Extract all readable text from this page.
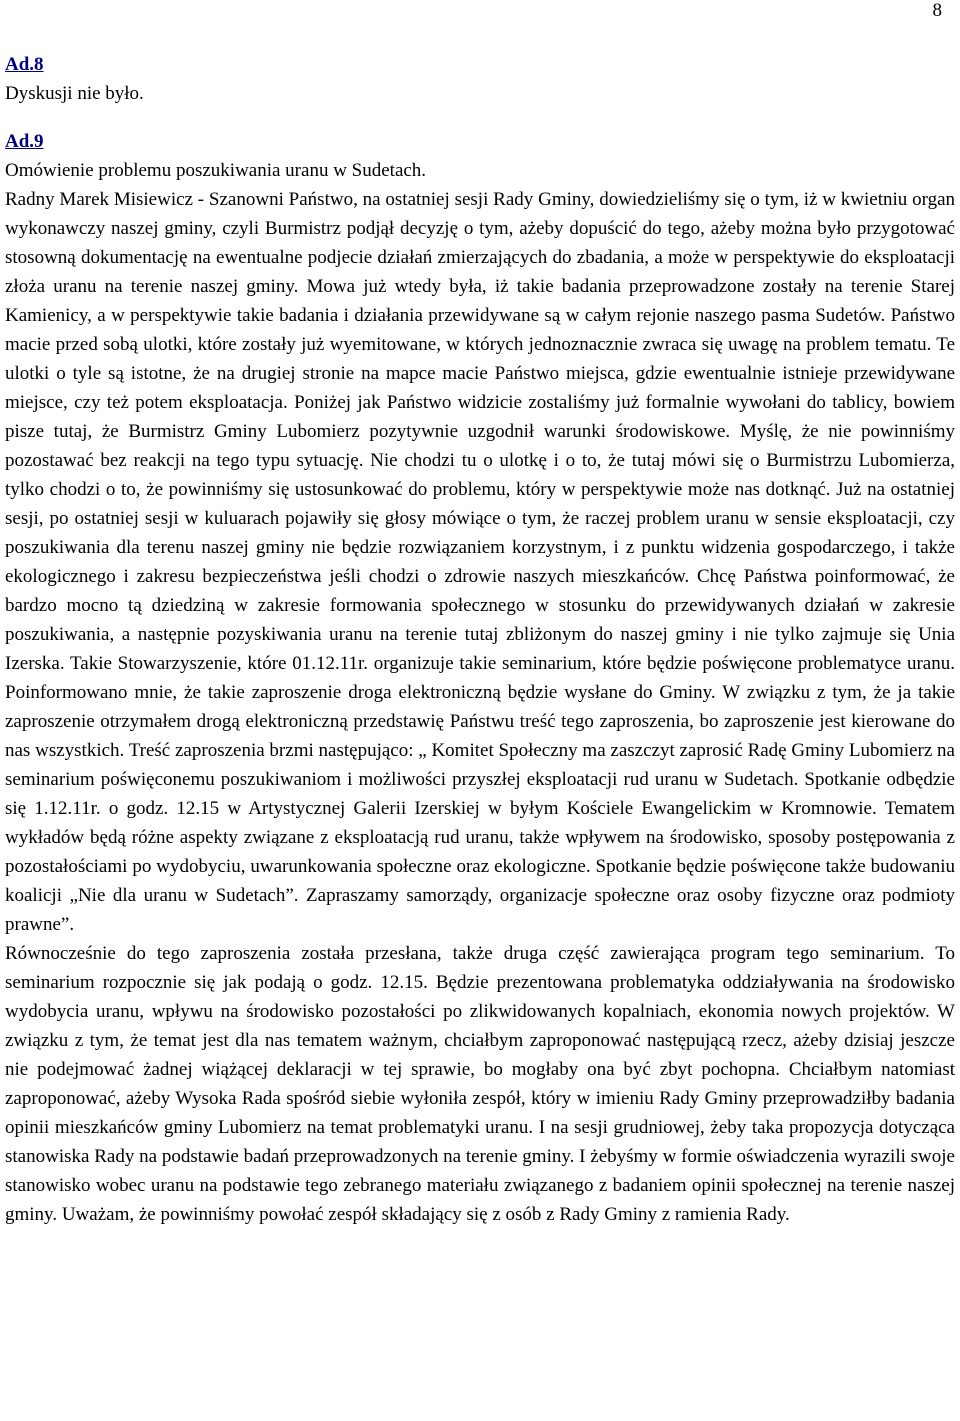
8
Ad.8
Dyskusji nie było.
Ad.9
Omówienie problemu poszukiwania uranu w Sudetach.
Radny Marek Misiewicz - Szanowni Państwo, na ostatniej sesji Rady Gminy, dowiedzieliśmy się o tym, iż w kwietniu organ wykonawczy naszej gminy, czyli Burmistrz podjął decyzję o tym, ażeby dopuścić do tego, ażeby można było przygotować stosowną dokumentację na ewentualne podjecie działań zmierzających do zbadania, a może w perspektywie do eksploatacji złoża uranu na terenie naszej gminy. Mowa już wtedy była, iż takie badania przeprowadzone zostały na terenie Starej Kamienicy, a w perspektywie takie badania i działania przewidywane są w całym rejonie naszego pasma Sudetów. Państwo macie przed sobą ulotki, które zostały już wyemitowane, w których jednoznacznie zwraca się uwagę na problem tematu. Te ulotki o tyle są istotne, że na drugiej stronie na mapce macie Państwo miejsca, gdzie ewentualnie istnieje przewidywane miejsce, czy też potem eksploatacja. Poniżej jak Państwo widzicie zostaliśmy już formalnie wywołani do tablicy, bowiem pisze tutaj, że Burmistrz Gminy Lubomierz pozytywnie uzgodnił warunki środowiskowe. Myślę, że nie powinniśmy pozostawać bez reakcji na tego typu sytuację. Nie chodzi tu o ulotkę i o to, że tutaj mówi się o Burmistrzu Lubomierza, tylko chodzi o to, że powinniśmy się ustosunkować do problemu, który w perspektywie może nas dotknąć. Już na ostatniej sesji, po ostatniej sesji w kuluarach pojawiły się głosy mówiące o tym, że raczej problem uranu w sensie eksploatacji, czy poszukiwania dla terenu naszej gminy nie będzie rozwiązaniem korzystnym, i z punktu widzenia gospodarczego, i także ekologicznego i zakresu bezpieczeństwa jeśli chodzi o zdrowie naszych mieszkańców. Chcę Państwa poinformować, że bardzo mocno tą dziedziną w zakresie formowania społecznego w stosunku do przewidywanych działań w zakresie poszukiwania, a następnie pozyskiwania uranu na terenie tutaj zbliżonym do naszej gminy i nie tylko zajmuje się Unia Izerska. Takie Stowarzyszenie, które 01.12.11r. organizuje takie seminarium, które będzie poświęcone problematyce uranu. Poinformowano mnie, że takie zaproszenie droga elektroniczną będzie wysłane do Gminy. W związku z tym, że ja takie zaproszenie otrzymałem drogą elektroniczną przedstawię Państwu treść tego zaproszenia, bo zaproszenie jest kierowane do nas wszystkich. Treść zaproszenia brzmi następująco: „ Komitet Społeczny ma zaszczyt zaprosić Radę Gminy Lubomierz na seminarium poświęconemu poszukiwaniom i możliwości przyszłej eksploatacji rud uranu w Sudetach. Spotkanie odbędzie się 1.12.11r. o godz. 12.15 w Artystycznej Galerii Izerskiej w byłym Kościele Ewangelickim w Kromnowie. Tematem wykładów będą różne aspekty związane z eksploatacją rud uranu, także wpływem na środowisko, sposoby postępowania z pozostałościami po wydobyciu, uwarunkowania społeczne oraz ekologiczne. Spotkanie będzie poświęcone także budowaniu koalicji „Nie dla uranu w Sudetach”. Zapraszamy samorządy, organizacje społeczne oraz osoby fizyczne oraz podmioty prawne”.
Równocześnie do tego zaproszenia została przesłana, także druga część zawierająca program tego seminarium. To seminarium rozpocznie się jak podają o godz. 12.15. Będzie prezentowana problematyka oddziaływania na środowisko wydobycia uranu, wpływu na środowisko pozostałości po zlikwidowanych kopalniach, ekonomia nowych projektów. W związku z tym, że temat jest dla nas tematem ważnym, chciałbym zaproponować następującą rzecz, ażeby dzisiaj jeszcze nie podejmować żadnej wiążącej deklaracji w tej sprawie, bo mogłaby ona być zbyt pochopna. Chciałbym natomiast zaproponować, ażeby Wysoka Rada spośród siebie wyłoniła zespół, który w imieniu Rady Gminy przeprowadziłby badania opinii mieszkańców gminy Lubomierz na temat problematyki uranu. I na sesji grudniowej, żeby taka propozycja dotycząca stanowiska Rady na podstawie badań przeprowadzonych na terenie gminy. I żebyśmy w formie oświadczenia wyrazili swoje stanowisko wobec uranu na podstawie tego zebranego materiału związanego z badaniem opinii społecznej na terenie naszej gminy. Uważam, że powinniśmy powołać zespół składający się z osób z Rady Gminy z ramienia Rady.
